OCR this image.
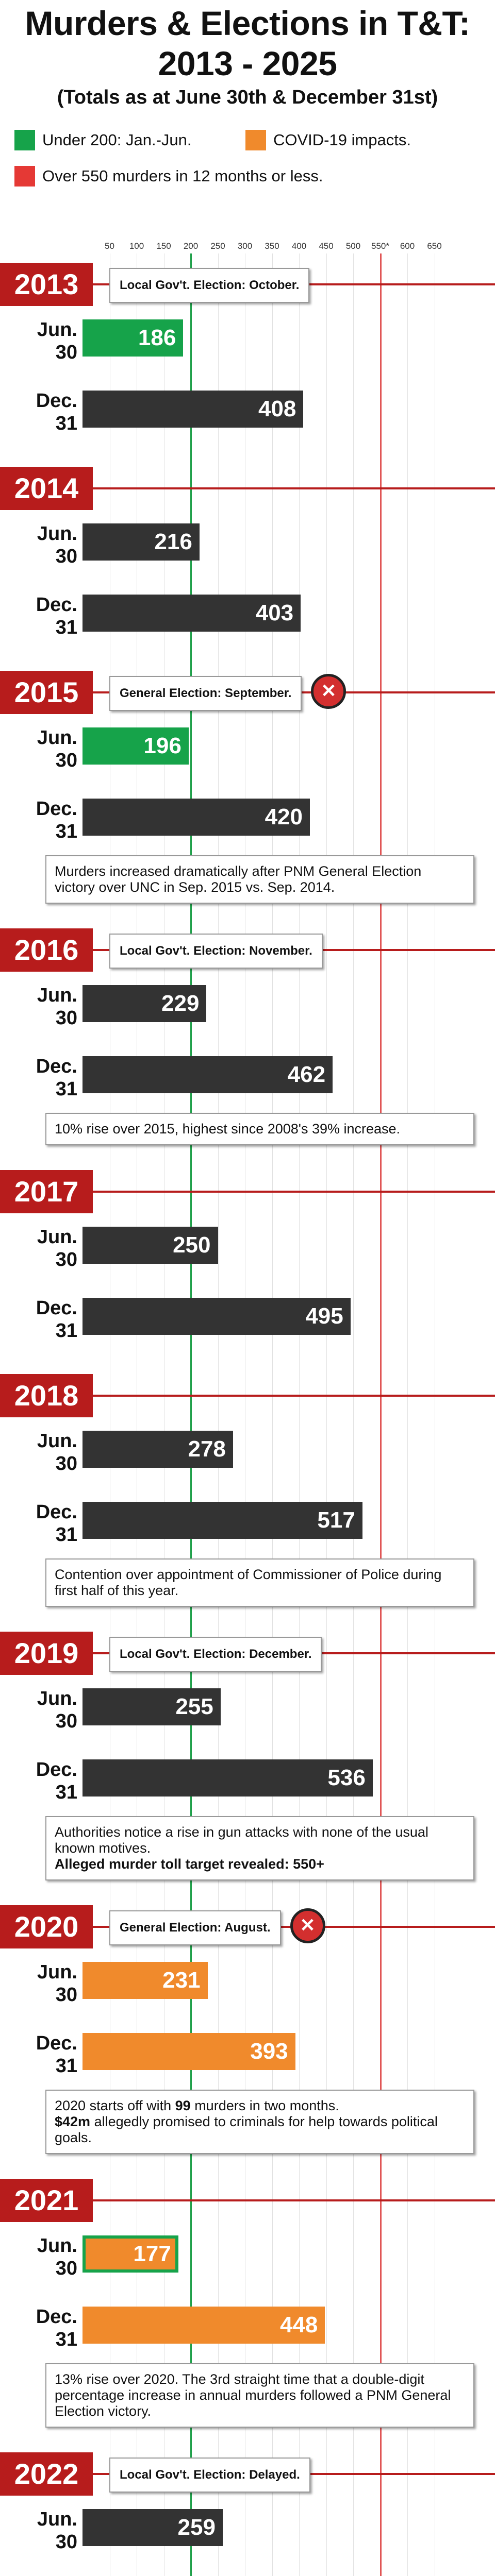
Murders & Elections in T&T:
2013 - 2025
(Totals as at June 30th & December 31st)
Under 200: Jan.-Jun.	COVID-19 impacts.
Over 550 murders in 12 months or less.
50 100 150 200 250 300 350 400 450 500 550* 600 650
2013	Local Gov't. Election: October.
Jun.
30
186
Dec.
31
408
2014
Jun.
30
216
Dec.
31
403
2015	General Election: September.	✕
Jun.
30
196
Dec.
31
420

Murders increased dramatically after PNM General Election victory over UNC in Sep. 2015 vs. Sep. 2014.

2016	Local Gov't. Election: November.
Jun.
30
229
Dec.
31
462

10% rise over 2015, highest since 2008's 39% increase.

2017
Jun.
30
250
Dec.
31
495
2018
Jun.
30
278
Dec.
31
517

Contention over appointment of Commissioner of Police during first half of this year.

2019	Local Gov't. Election: December.
Jun.
30
255
Dec.
31
536

Authorities notice a rise in gun attacks with none of the usual known motives.

Alleged murder toll target revealed: 550+

2020	General Election: August.	✕
Jun.
30
231
Dec.
31
393

2020 starts off with 99 murders in two months.

$42m allegedly promised to criminals for help towards political goals.

2021
Jun.
30
177
Dec.
31
448

13% rise over 2020. The 3rd straight time that a double-digit percentage increase in annual murders followed a PNM General Election victory.

2022	Local Gov't. Election: Delayed.
Jun.
30
259
